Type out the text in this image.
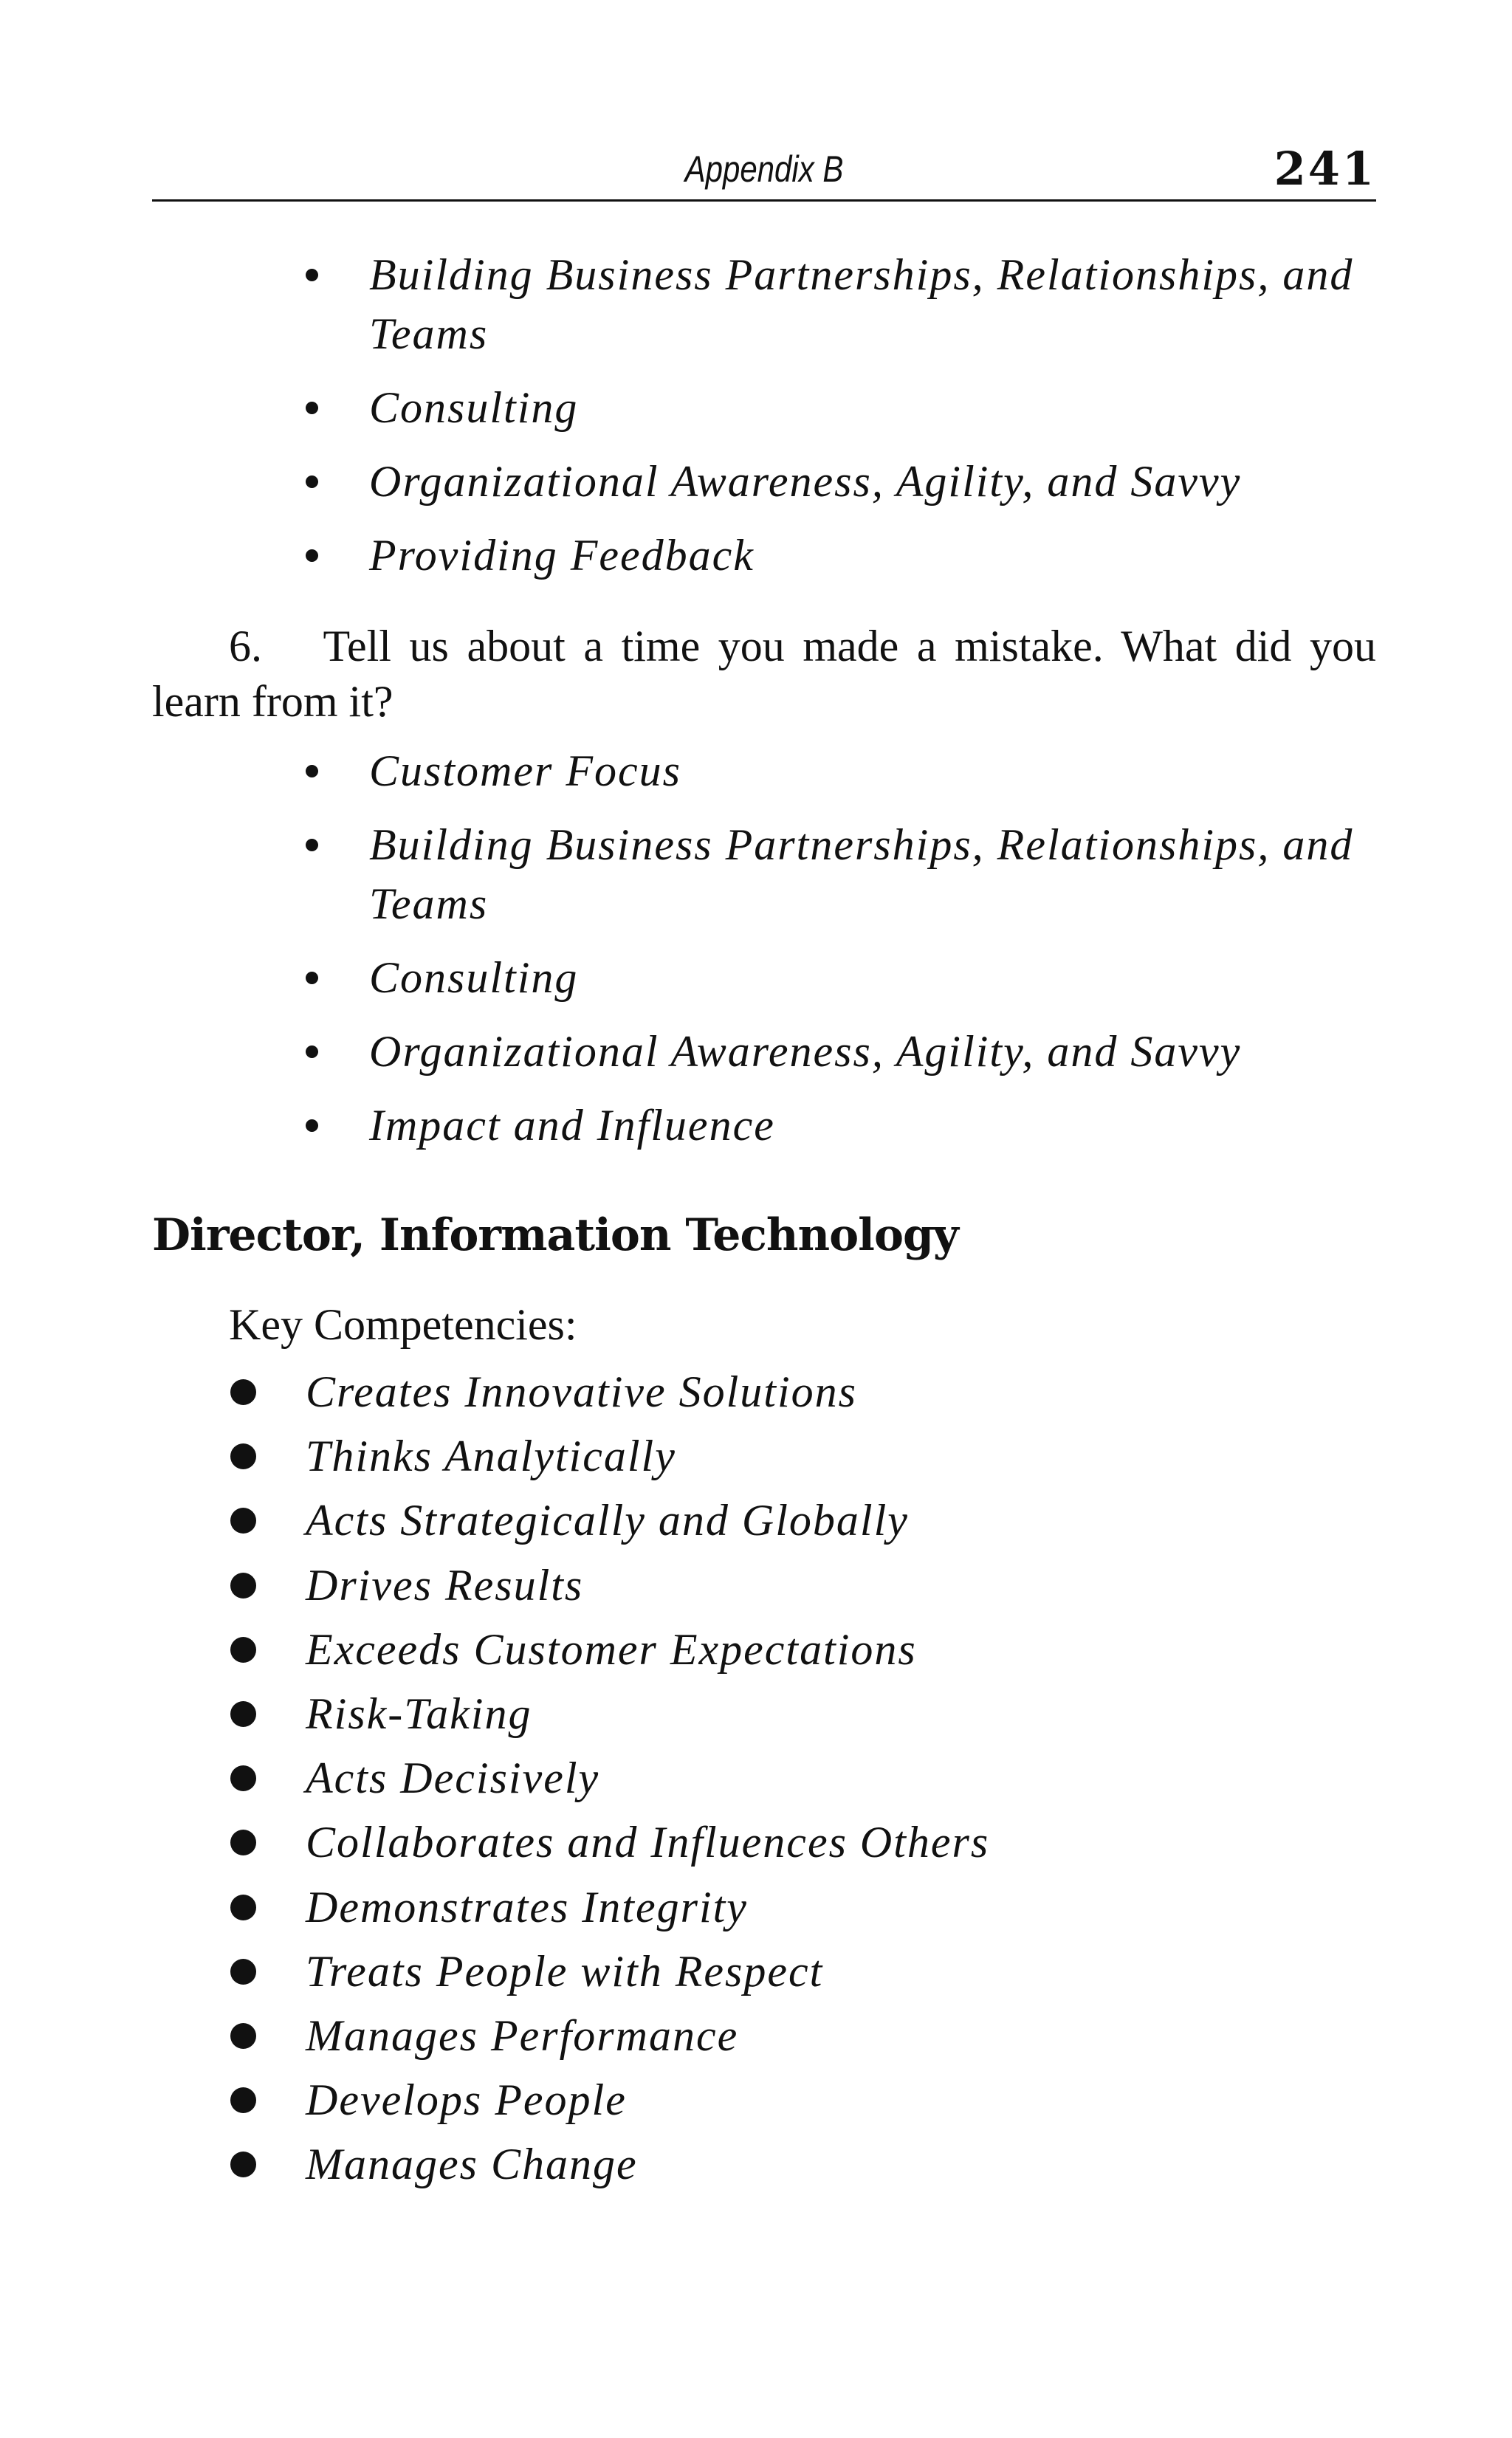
Appendix B	241
Building Business Partnerships, Relationships, and Teams
Consulting
Organizational Awareness, Agility, and Savvy
Providing Feedback
6. Tell us about a time you made a mistake. What did you learn from it?
Customer Focus
Building Business Partnerships, Relationships, and Teams
Consulting
Organizational Awareness, Agility, and Savvy
Impact and Influence
Director, Information Technology
Key Competencies:
Creates Innovative Solutions
Thinks Analytically
Acts Strategically and Globally
Drives Results
Exceeds Customer Expectations
Risk-Taking
Acts Decisively
Collaborates and Influences Others
Demonstrates Integrity
Treats People with Respect
Manages Performance
Develops People
Manages Change
